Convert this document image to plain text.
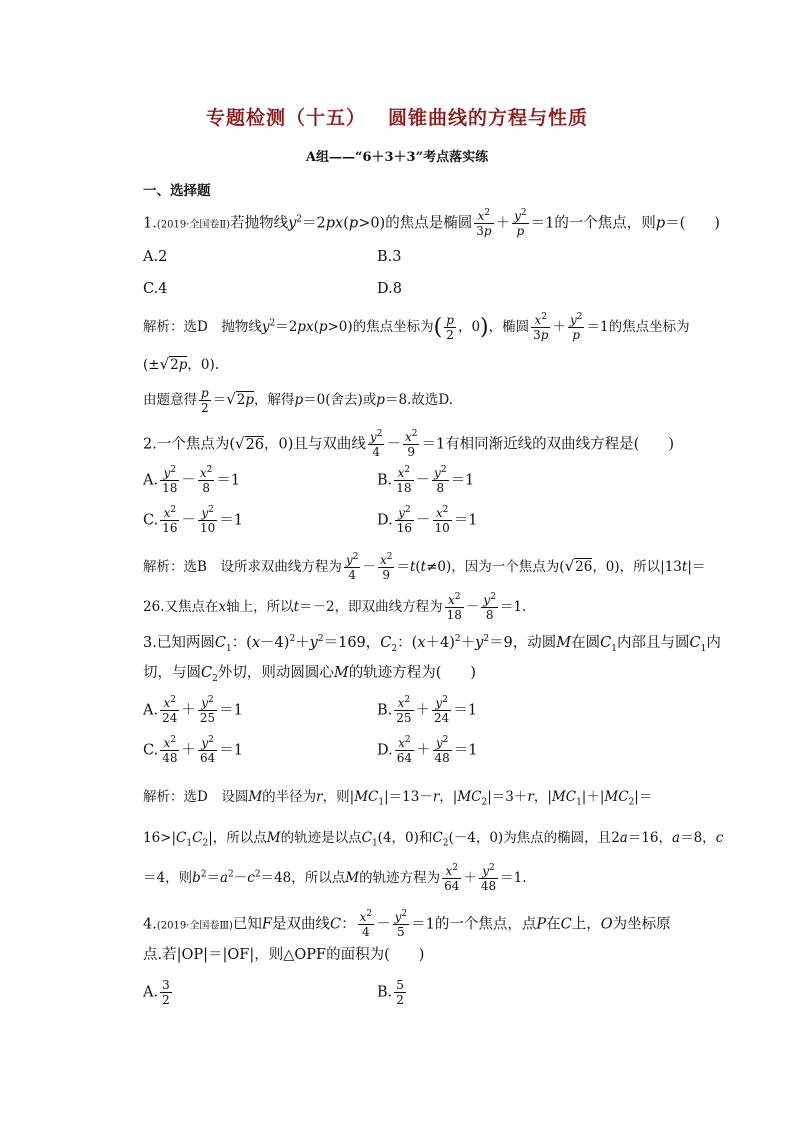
专题检测（十五） 圆锥曲线的方程与性质
A组——“6＋3＋3”考点落实练
一、选择题
1.(2019·全国卷Ⅱ)若抛物线$y^2=2px(p>0)$的焦点是椭圆 $\frac{x^2}{3p} + \frac{y^2}{p} =1$的一个焦点，则p＝(　　)
A.2	B.3
C.4	D.8
解析：选D　抛物线$y^2=2px(p>0)$的焦点坐标为( $\frac{p}{2}$ ，0)，椭圆 $\frac{x^2}{3p} + \frac{y^2}{p} =1$的焦点坐标为
(±√2p，0).
由题意得 $\frac{p}{2} =√2p$，解得p＝0(舍去)或p＝8.故选D.
2.一个焦点为(√26，0)且与双曲线 $\frac{y^2}{4} - \frac{x^2}{9} =1$有相同渐近线的双曲线方程是(　　)
A. $\frac{y^2}{18} - \frac{x^2}{8} =1$	B. $\frac{x^2}{18} - \frac{y^2}{8} =1$
C. $\frac{x^2}{16} - \frac{y^2}{10} =1$	D. $\frac{y^2}{16} - \frac{x^2}{10} =1$
解析：选B　设所求双曲线方程为 $\frac{y^2}{4} - \frac{x^2}{9} =t(t\ne 0)$，因为一个焦点为(√26，0)，所以|13t|＝
26.又焦点在x轴上，所以t＝－2，即双曲线方程为 $\frac{x^2}{18} - \frac{y^2}{8} =1$.
3.已知两圆$C_1$：$(x-4)^2+y^2=169$，$C_2$：$(x+4)^2+y^2=9$，动圆M在圆$C_1$内部且与圆$C_1$内
切，与圆$C_2$外切，则动圆圆心M的轨迹方程为(　　)
A. $\frac{x^2}{24} + \frac{y^2}{25} =1$	B. $\frac{x^2}{25} + \frac{y^2}{24} =1$
C. $\frac{x^2}{48} + \frac{y^2}{64} =1$	D. $\frac{x^2}{64} + \frac{y^2}{48} =1$
解析：选D　设圆M的半径为r，则$|MC_1|=13-r$，$|MC_2|=3+r$，$|MC_1|+|MC_2|=$
$16>|C_1C_2|$，所以点M的轨迹是以点$C_1(4$，0)和$C_2(-4$，0)为焦点的椭圆，且2a＝16，a＝8，c
＝4，则$b^2=a^2-c^2=48$，所以点M的轨迹方程为 $\frac{x^2}{64} + \frac{y^2}{48} =1$.
4.(2019·全国卷Ⅲ)已知F是双曲线C： $\frac{x^2}{4} - \frac{y^2}{5} =1$的一个焦点，点P在C上，O为坐标原
点.若|OP|＝|OF|，则△OPF的面积为(　　)
A. $\frac{3}{2}$	B. $\frac{5}{2}$
